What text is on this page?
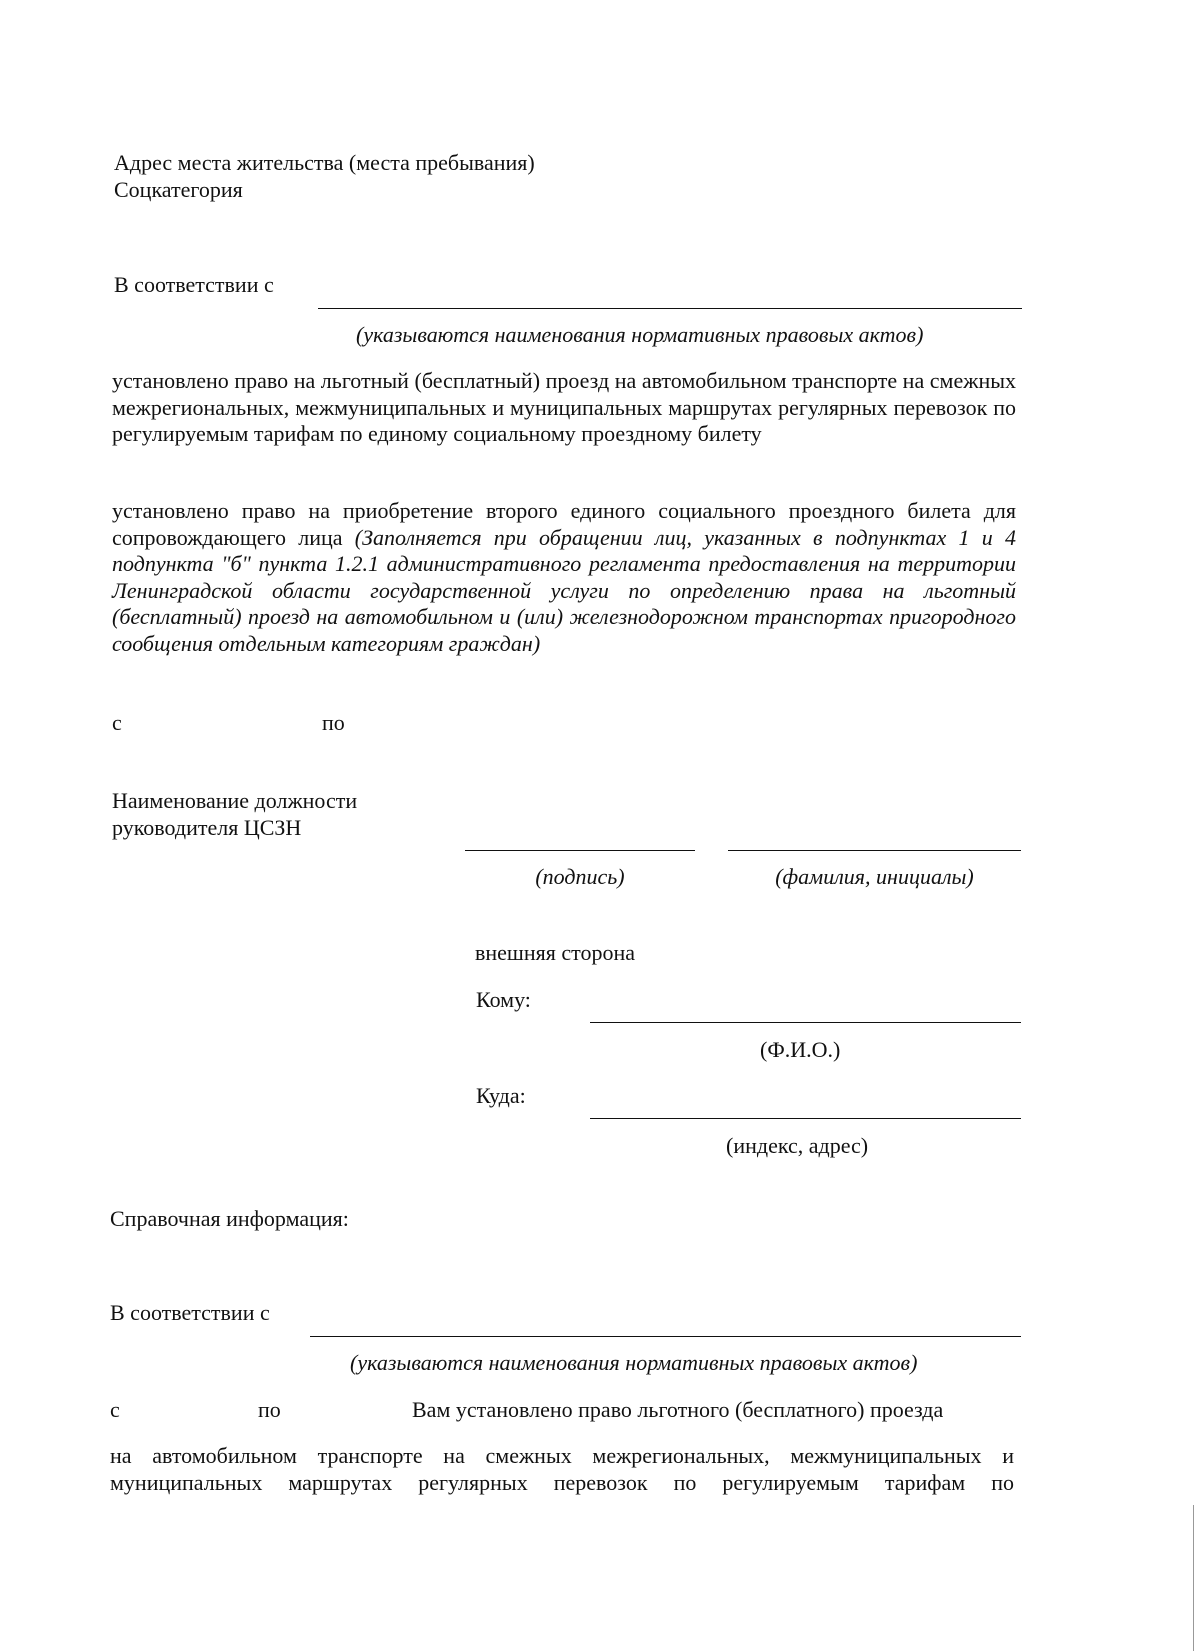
Адрес места жительства (места пребывания)

Соцкатегория

В соответствии с

(указываются наименования нормативных правовых актов)

установлено право на льготный (бесплатный) проезд на автомобильном транспорте на смежных межрегиональных, межмуниципальных и муниципальных маршрутах регулярных перевозок по регулируемым тарифам по единому социальному проездному билету

установлено право на приобретение второго единого социального проездного билета для сопровождающего лица (Заполняется при обращении лиц, указанных в подпунктах 1 и 4 подпункта "б" пункта 1.2.1 административного регламента предоставления на территории Ленинградской области государственной услуги по определению права на льготный (бесплатный) проезд на автомобильном и (или) железнодорожном транспортах пригородного сообщения отдельным категориям граждан)

с	по

Наименование должности

руководителя ЦСЗН

(подпись)	(фамилия, инициалы)

внешняя сторона

Кому:

(Ф.И.О.)

Куда:

(индекс, адрес)

Справочная информация:

В соответствии с

(указываются наименования нормативных правовых актов)

с	по	Вам установлено право льготного (бесплатного) проезда

на автомобильном транспорте на смежных межрегиональных, межмуниципальных и

муниципальных маршрутах регулярных перевозок по регулируемым тарифам по
